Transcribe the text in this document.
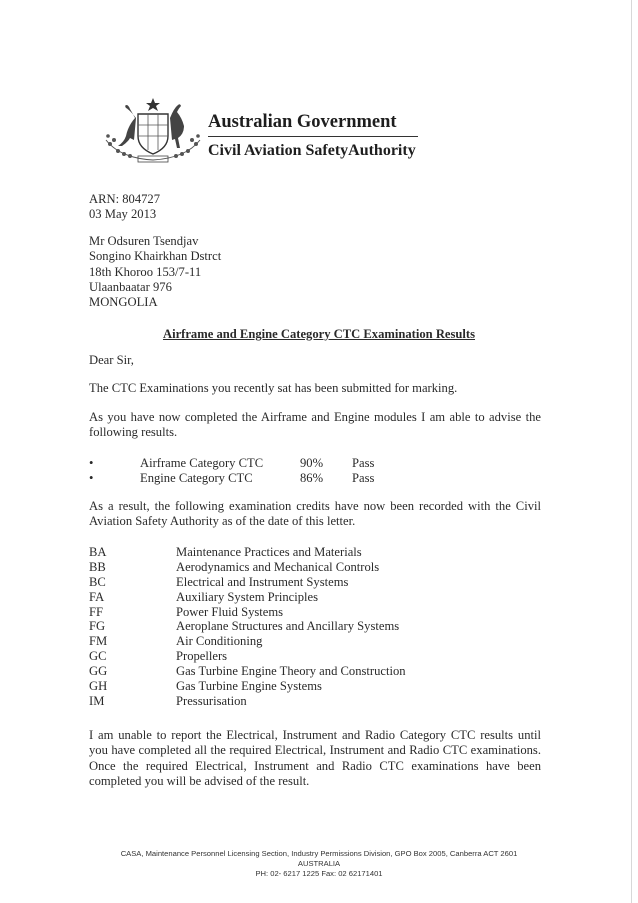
Australian Government
Civil Aviation SafetyAuthority
ARN: 804727
03 May 2013
Mr Odsuren Tsendjav
Songino Khairkhan Dstrct
18th Khoroo 153/7-11
Ulaanbaatar 976
MONGOLIA
Airframe and Engine Category CTC Examination Results
Dear Sir,
The CTC Examinations you recently sat has been submitted for marking.
As you have now completed the Airframe and Engine modules I am able to advise the following results.
•	Airframe Category CTC	90% Pass
•	Engine Category CTC	86% Pass
As a result, the following examination credits have now been recorded with the Civil Aviation Safety Authority as of the date of this letter.
BA	Maintenance Practices and Materials
BB	Aerodynamics and Mechanical Controls
BC	Electrical and Instrument Systems
FA	Auxiliary System Principles
FF	Power Fluid Systems
FG	Aeroplane Structures and Ancillary Systems
FM	Air Conditioning
GC	Propellers
GG	Gas Turbine Engine Theory and Construction
GH	Gas Turbine Engine Systems
IM	Pressurisation
I am unable to report the Electrical, Instrument and Radio Category CTC results until you have completed all the required Electrical, Instrument and Radio CTC examinations. Once the required Electrical, Instrument and Radio CTC examinations have been completed you will be advised of the result.
CASA, Maintenance Personnel Licensing Section, Industry Permissions Division, GPO Box 2005, Canberra ACT 2601
AUSTRALIA
PH: 02- 6217 1225 Fax: 02 62171401
